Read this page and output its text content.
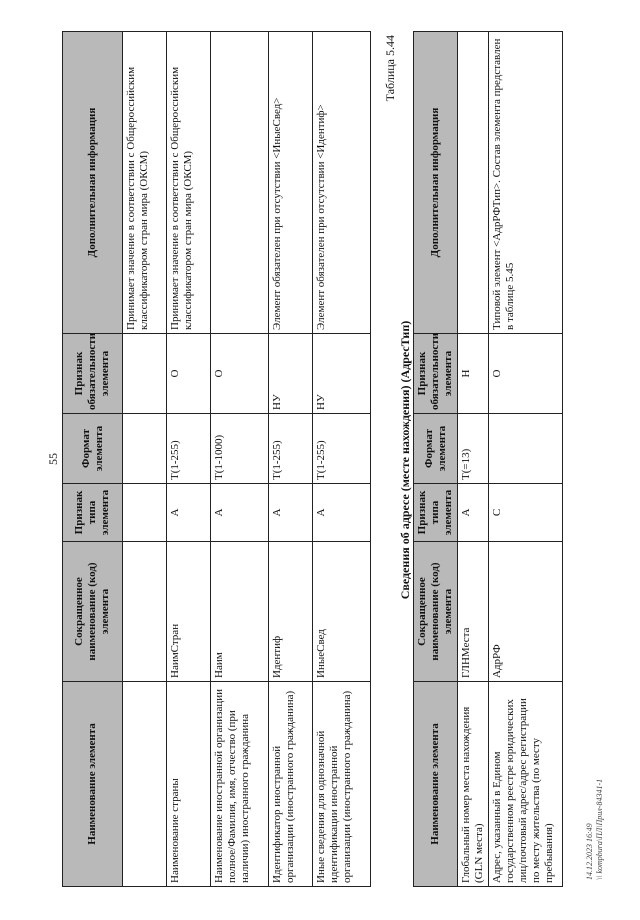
55
Наименование элемента	Сокращенное наименование (код) элемента	Признак типа элемента	Формат элемента	Признак обязательности элемента	Дополнительная информация
					Принимает значение в соответствии с Общероссийским классификатором стран мира (ОКСМ)
Наименование страны	НаимСтран	А	T(1-255)	О	Принимает значение в соответствии с Общероссийским классификатором стран мира (ОКСМ)
Наименование иностранной организации полное/Фамилия, имя, отчество (при наличии) иностранного гражданина	Наим	А	T(1-1000)	О	
Идентификатор иностранной организации (иностранного гражданина)	Идентиф	А	T(1-255)	НУ	Элемент обязателен при отсутствии <ИныеСвед>
Иные сведения для однозначной идентификации иностранной организации (иностранного гражданина)	ИныеСвед	А	T(1-255)	НУ	Элемент обязателен при отсутствии <Идентиф>
Таблица 5.44
Сведения об адресе (месте нахождения) (АдресТип)
Наименование элемента	Сокращенное наименование (код) элемента	Признак типа элемента	Формат элемента	Признак обязательности элемента	Дополнительная информация
Глобальный номер места нахождения (GLN места)	ГЛНМеста	А	T(=13)	Н	
Адрес, указанный в Едином государственном реестре юридических лиц/почтовый адрес/адрес регистрации по месту жительства (по месту пребывания)	АдрРФ	С		О	Типовой элемент <АдрРФТип>. Состав элемента представлен в таблице 5.45
14.12.2023 16:49 \\ kompbura\ПЛ\Прил-84341-1
